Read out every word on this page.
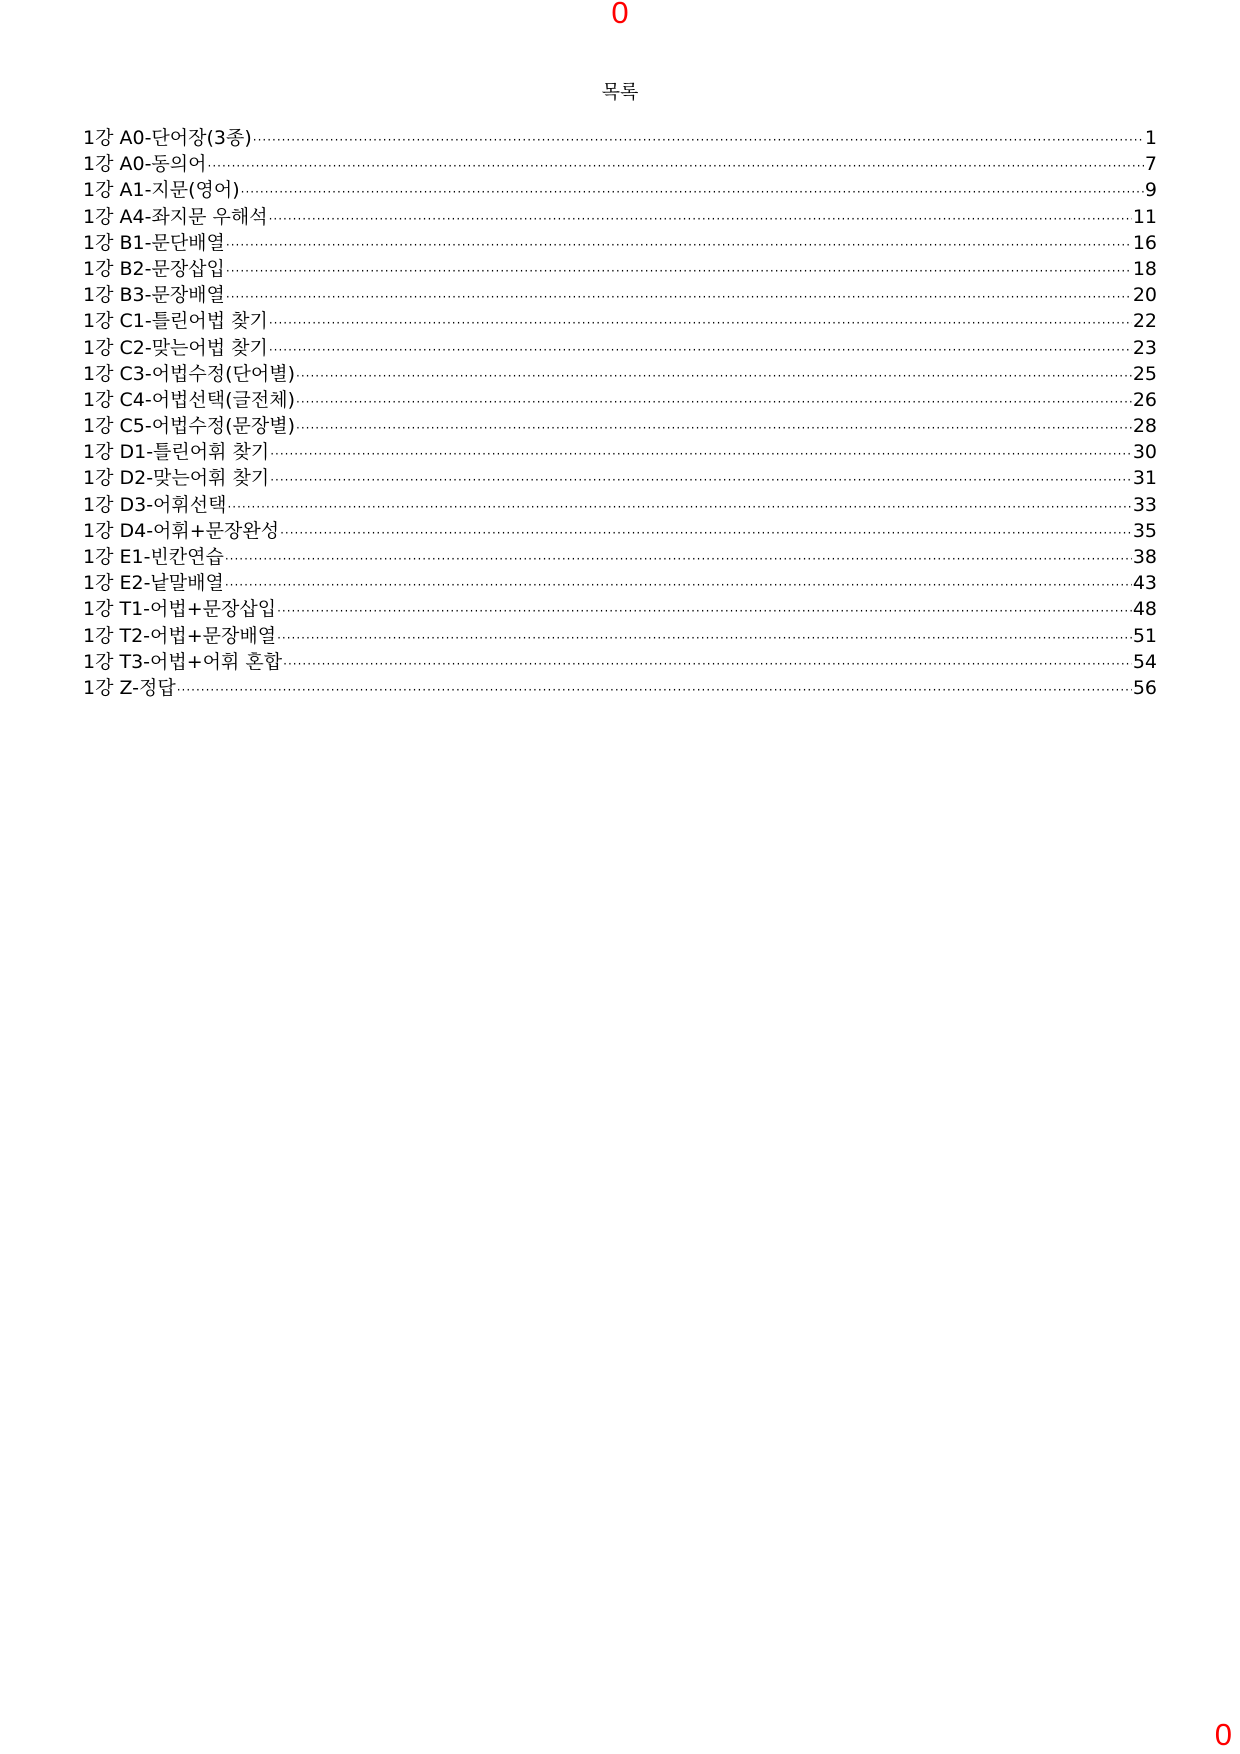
0
목록
1강 A0-단어장(3종) ·····	1
1강 A0-동의어 ·····	7
1강 A1-지문(영어) ·····	9
1강 A4-좌지문 우해석 ·····	11
1강 B1-문단배열 ·····	16
1강 B2-문장삽입 ·····	18
1강 B3-문장배열 ·····	20
1강 C1-틀린어법 찾기 ·····	22
1강 C2-맞는어법 찾기 ·····	23
1강 C3-어법수정(단어별) ·····	25
1강 C4-어법선택(글전체) ·····	26
1강 C5-어법수정(문장별) ·····	28
1강 D1-틀린어휘 찾기 ·····	30
1강 D2-맞는어휘 찾기 ·····	31
1강 D3-어휘선택 ·····	33
1강 D4-어휘+문장완성 ·····	35
1강 E1-빈칸연습 ·····	38
1강 E2-낱말배열 ·····	43
1강 T1-어법+문장삽입 ·····	48
1강 T2-어법+문장배열 ·····	51
1강 T3-어법+어휘 혼합 ·····	54
1강 Z-정답 ·····	56
0
